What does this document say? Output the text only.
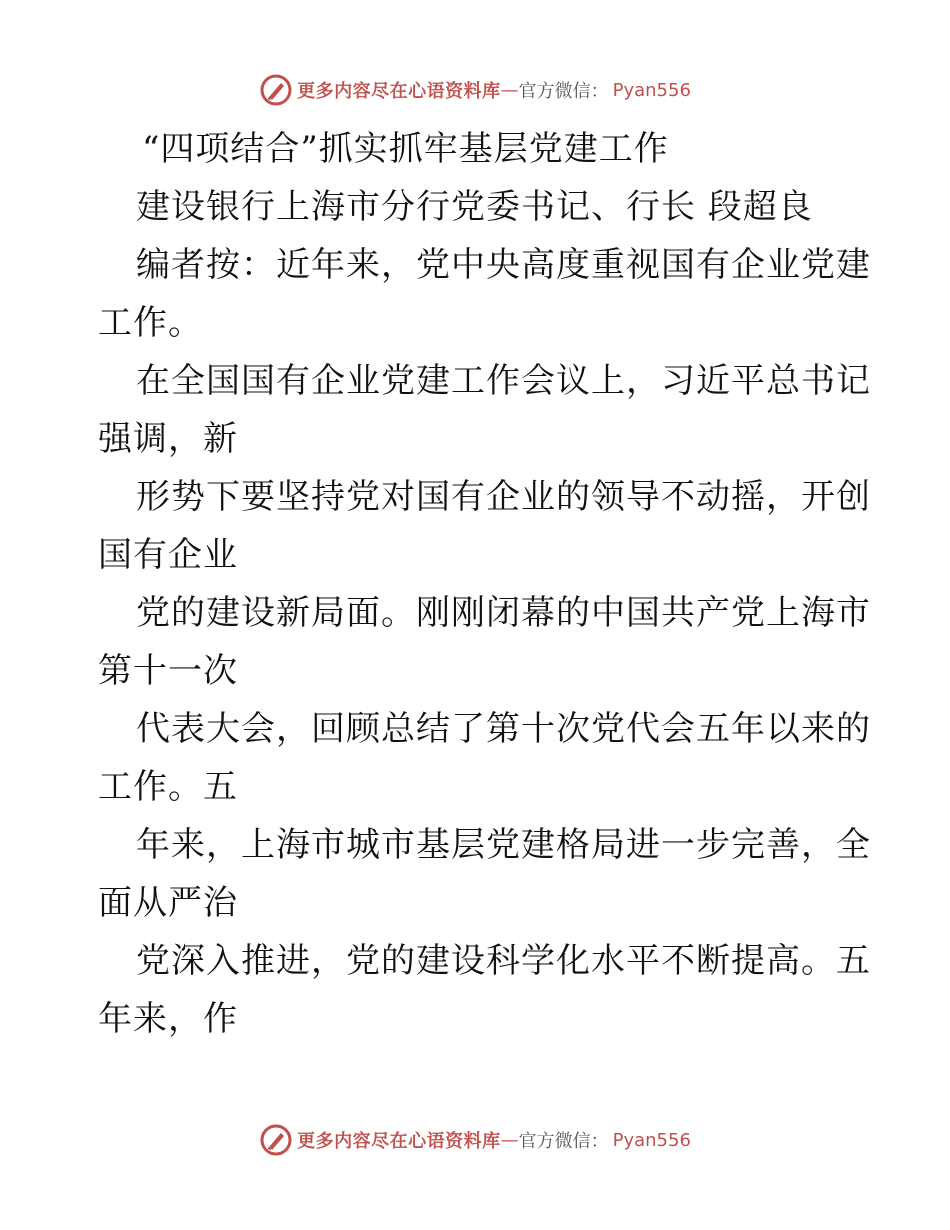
更多内容尽在心语资料库 — 官方微信： Pyan556
“四项结合”抓实抓牢基层党建工作
建设银行上海市分行党委书记、行长 段超良
编者按：近年来，党中央高度重视国有企业党建
工作。
在全国国有企业党建工作会议上，习近平总书记
强调，新
形势下要坚持党对国有企业的领导不动摇，开创
国有企业
党的建设新局面。刚刚闭幕的中国共产党上海市
第十一次
代表大会，回顾总结了第十次党代会五年以来的
工作。五
年来，上海市城市基层党建格局进一步完善，全
面从严治
党深入推进，党的建设科学化水平不断提高。五
年来，作
更多内容尽在心语资料库 — 官方微信： Pyan556
